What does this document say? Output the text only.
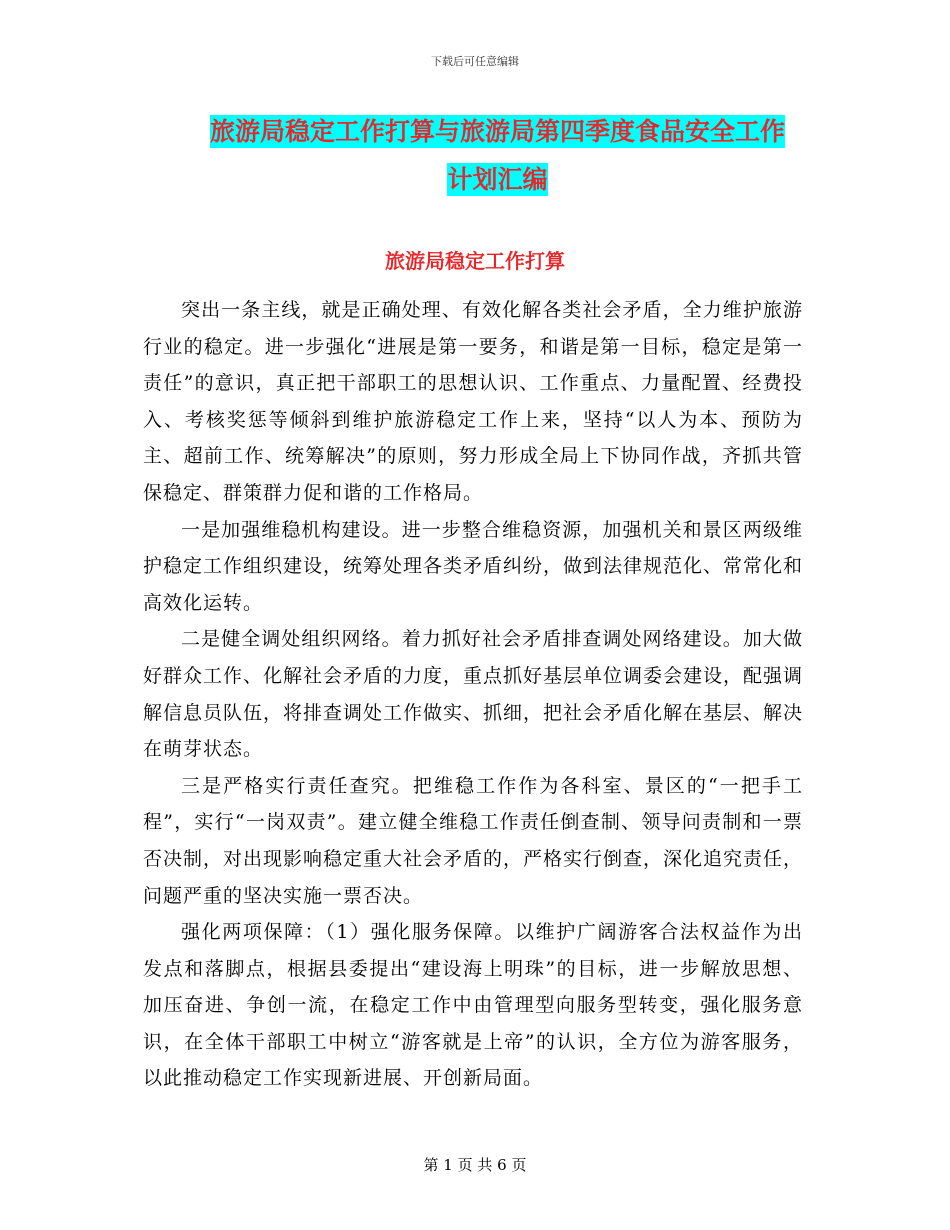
下载后可任意编辑
旅游局稳定工作打算与旅游局第四季度食品安全工作
计划汇编
旅游局稳定工作打算

突出一条主线，就是正确处理、有效化解各类社会矛盾，全力维护旅游行业的稳定。进一步强化“进展是第一要务，和谐是第一目标，稳定是第一责任”的意识，真正把干部职工的思想认识、工作重点、力量配置、经费投入、考核奖惩等倾斜到维护旅游稳定工作上来，坚持“以人为本、预防为主、超前工作、统筹解决”的原则，努力形成全局上下协同作战，齐抓共管保稳定、群策群力促和谐的工作格局。

一是加强维稳机构建设。进一步整合维稳资源，加强机关和景区两级维护稳定工作组织建设，统筹处理各类矛盾纠纷，做到法律规范化、常常化和高效化运转。

二是健全调处组织网络。着力抓好社会矛盾排查调处网络建设。加大做好群众工作、化解社会矛盾的力度，重点抓好基层单位调委会建设，配强调解信息员队伍，将排查调处工作做实、抓细，把社会矛盾化解在基层、解决在萌芽状态。

三是严格实行责任查究。把维稳工作作为各科室、景区的“一把手工程”，实行“一岗双责”。建立健全维稳工作责任倒查制、领导问责制和一票否决制，对出现影响稳定重大社会矛盾的，严格实行倒查，深化追究责任，问题严重的坚决实施一票否决。

强化两项保障：（1）强化服务保障。以维护广阔游客合法权益作为出发点和落脚点，根据县委提出“建设海上明珠”的目标，进一步解放思想、加压奋进、争创一流，在稳定工作中由管理型向服务型转变，强化服务意识，在全体干部职工中树立“游客就是上帝”的认识，全方位为游客服务，以此推动稳定工作实现新进展、开创新局面。

第 1 页 共 6 页
